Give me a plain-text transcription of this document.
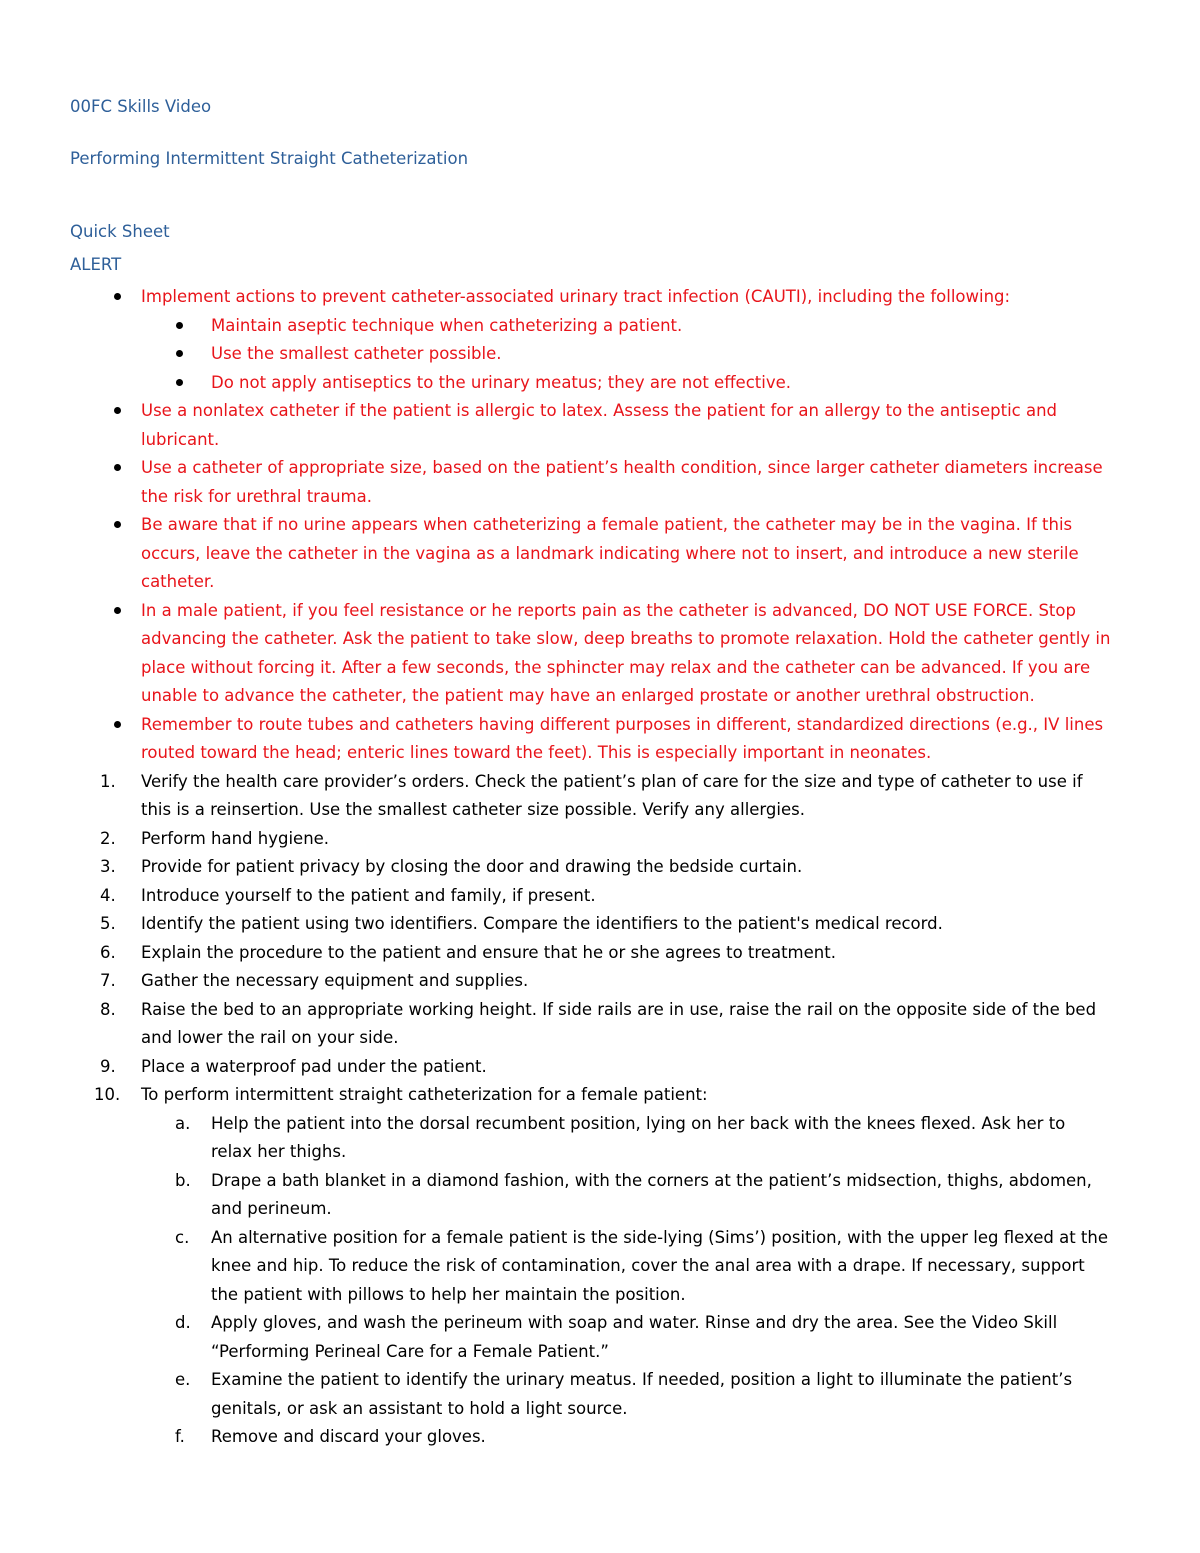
00FC Skills Video
Performing Intermittent Straight Catheterization
Quick Sheet
ALERT
Implement actions to prevent catheter-associated urinary tract infection (CAUTI), including the following:
Maintain aseptic technique when catheterizing a patient.
Use the smallest catheter possible.
Do not apply antiseptics to the urinary meatus; they are not effective.
Use a nonlatex catheter if the patient is allergic to latex. Assess the patient for an allergy to the antiseptic and lubricant.
Use a catheter of appropriate size, based on the patient’s health condition, since larger catheter diameters increase the risk for urethral trauma.
Be aware that if no urine appears when catheterizing a female patient, the catheter may be in the vagina. If this occurs, leave the catheter in the vagina as a landmark indicating where not to insert, and introduce a new sterile catheter.
In a male patient, if you feel resistance or he reports pain as the catheter is advanced, DO NOT USE FORCE. Stop advancing the catheter. Ask the patient to take slow, deep breaths to promote relaxation. Hold the catheter gently in place without forcing it. After a few seconds, the sphincter may relax and the catheter can be advanced. If you are unable to advance the catheter, the patient may have an enlarged prostate or another urethral obstruction.
Remember to route tubes and catheters having different purposes in different, standardized directions (e.g., IV lines routed toward the head; enteric lines toward the feet). This is especially important in neonates.
1.	Verify the health care provider’s orders. Check the patient’s plan of care for the size and type of catheter to use if this is a reinsertion. Use the smallest catheter size possible. Verify any allergies.
2.	Perform hand hygiene.
3.	Provide for patient privacy by closing the door and drawing the bedside curtain.
4.	Introduce yourself to the patient and family, if present.
5.	Identify the patient using two identifiers. Compare the identifiers to the patient's medical record.
6.	Explain the procedure to the patient and ensure that he or she agrees to treatment.
7.	Gather the necessary equipment and supplies.
8.	Raise the bed to an appropriate working height. If side rails are in use, raise the rail on the opposite side of the bed and lower the rail on your side.
9.	Place a waterproof pad under the patient.
10. To perform intermittent straight catheterization for a female patient:
a. Help the patient into the dorsal recumbent position, lying on her back with the knees flexed. Ask her to relax her thighs.
b. Drape a bath blanket in a diamond fashion, with the corners at the patient’s midsection, thighs, abdomen, and perineum.
c. An alternative position for a female patient is the side-lying (Sims’) position, with the upper leg flexed at the knee and hip. To reduce the risk of contamination, cover the anal area with a drape. If necessary, support the patient with pillows to help her maintain the position.
d. Apply gloves, and wash the perineum with soap and water. Rinse and dry the area. See the Video Skill “Performing Perineal Care for a Female Patient.”
e. Examine the patient to identify the urinary meatus. If needed, position a light to illuminate the patient’s genitals, or ask an assistant to hold a light source.
f. Remove and discard your gloves.
